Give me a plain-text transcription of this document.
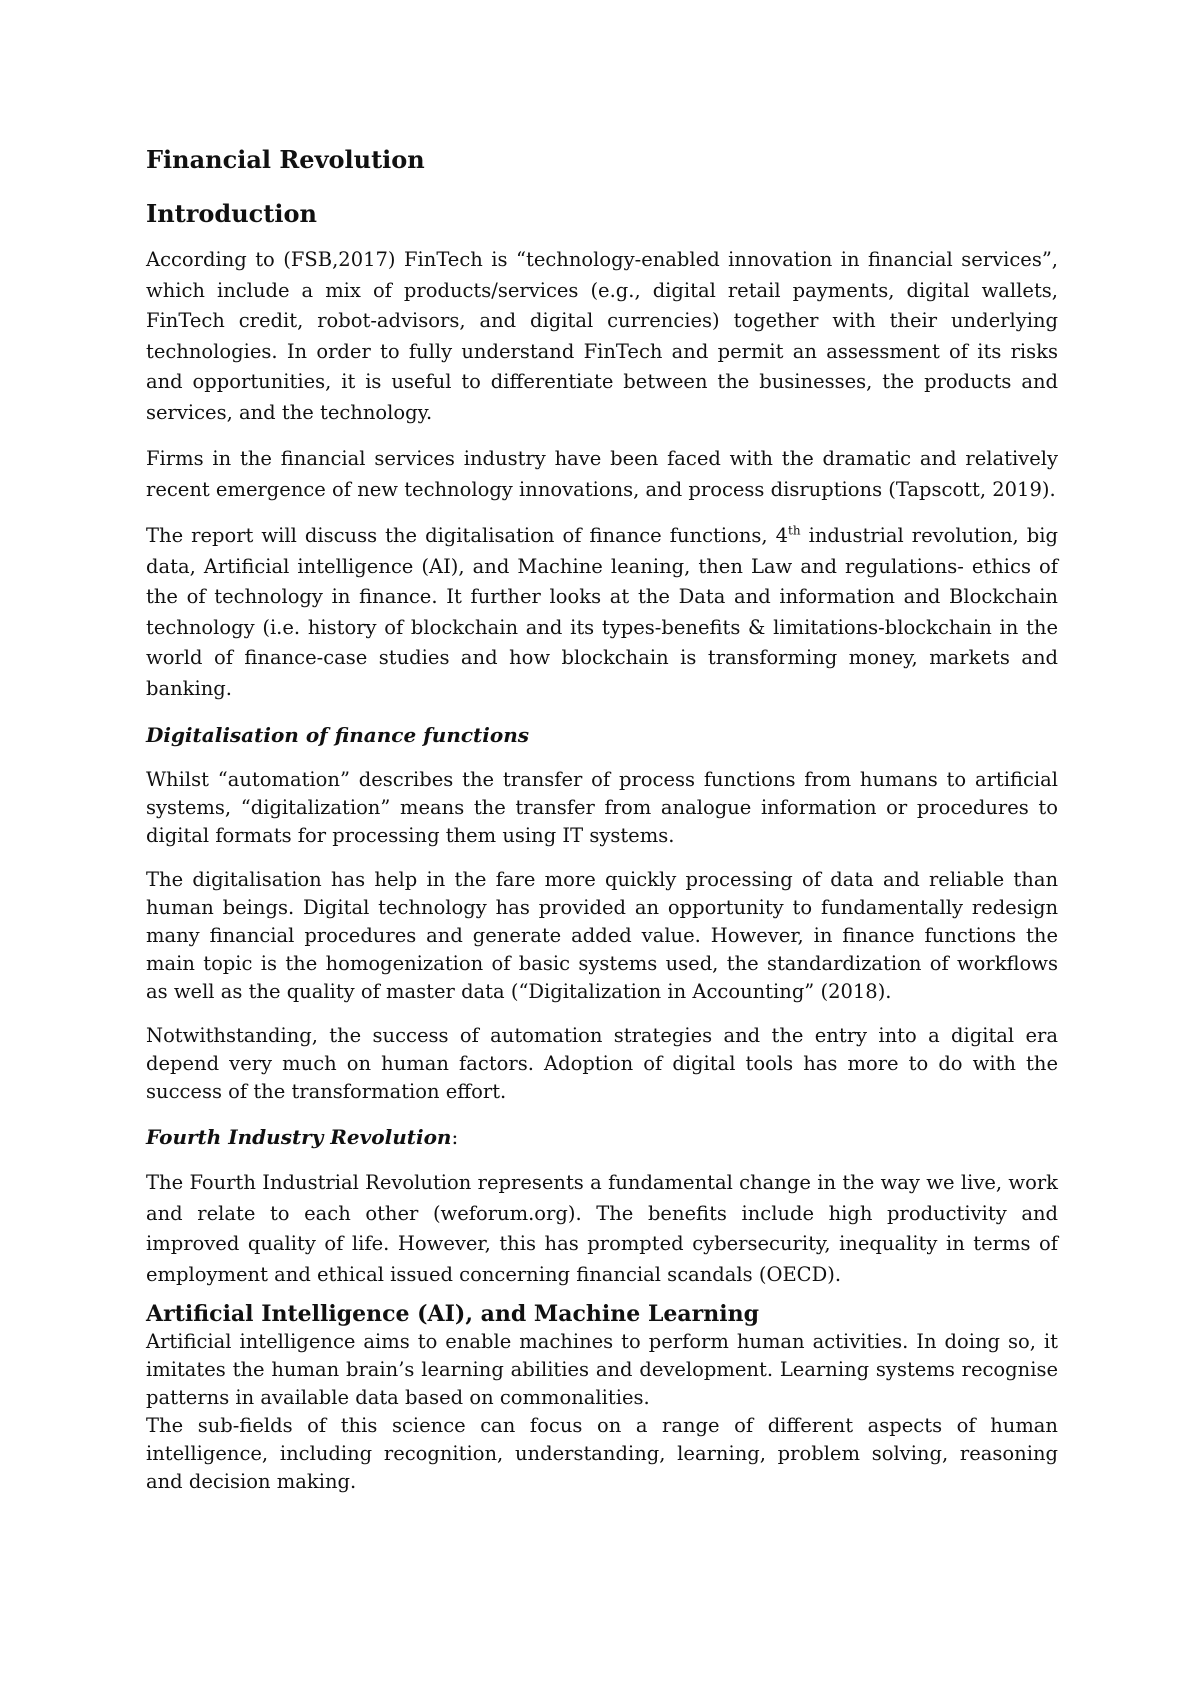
Financial Revolution
Introduction

According to (FSB,2017) FinTech is “technology-enabled innovation in financial services”, which include a mix of products/services (e.g., digital retail payments, digital wallets, FinTech credit, robot-advisors, and digital currencies) together with their underlying technologies. In order to fully understand FinTech and permit an assessment of its risks and opportunities, it is useful to differentiate between the businesses, the products and services, and the technology.

Firms in the financial services industry have been faced with the dramatic and relatively recent emergence of new technology innovations, and process disruptions (Tapscott, 2019).

The report will discuss the digitalisation of finance functions, 4th industrial revolution, big data, Artificial intelligence (AI), and Machine leaning, then Law and regulations- ethics of the of technology in finance. It further looks at the Data and information and Blockchain technology (i.e. history of blockchain and its types-benefits & limitations-blockchain in the world of finance-case studies and how blockchain is transforming money, markets and banking.

Digitalisation of finance functions

Whilst “automation” describes the transfer of process functions from humans to artificial systems, “digitalization” means the transfer from analogue information or procedures to digital formats for processing them using IT systems.

The digitalisation has help in the fare more quickly processing of data and reliable than human beings. Digital technology has provided an opportunity to fundamentally redesign many financial procedures and generate added value. However, in finance functions the main topic is the homogenization of basic systems used, the standardization of workflows as well as the quality of master data (“Digitalization in Accounting” (2018).

Notwithstanding, the success of automation strategies and the entry into a digital era depend very much on human factors. Adoption of digital tools has more to do with the success of the transformation effort.

Fourth Industry Revolution:

The Fourth Industrial Revolution represents a fundamental change in the way we live, work and relate to each other (weforum.org). The benefits include high productivity and improved quality of life. However, this has prompted cybersecurity, inequality in terms of employment and ethical issued concerning financial scandals (OECD).

Artificial Intelligence (AI), and Machine Learning

Artificial intelligence aims to enable machines to perform human activities. In doing so, it imitates the human brain’s learning abilities and development. Learning systems recognise patterns in available data based on commonalities.

The sub-fields of this science can focus on a range of different aspects of human intelligence, including recognition, understanding, learning, problem solving, reasoning and decision making.
